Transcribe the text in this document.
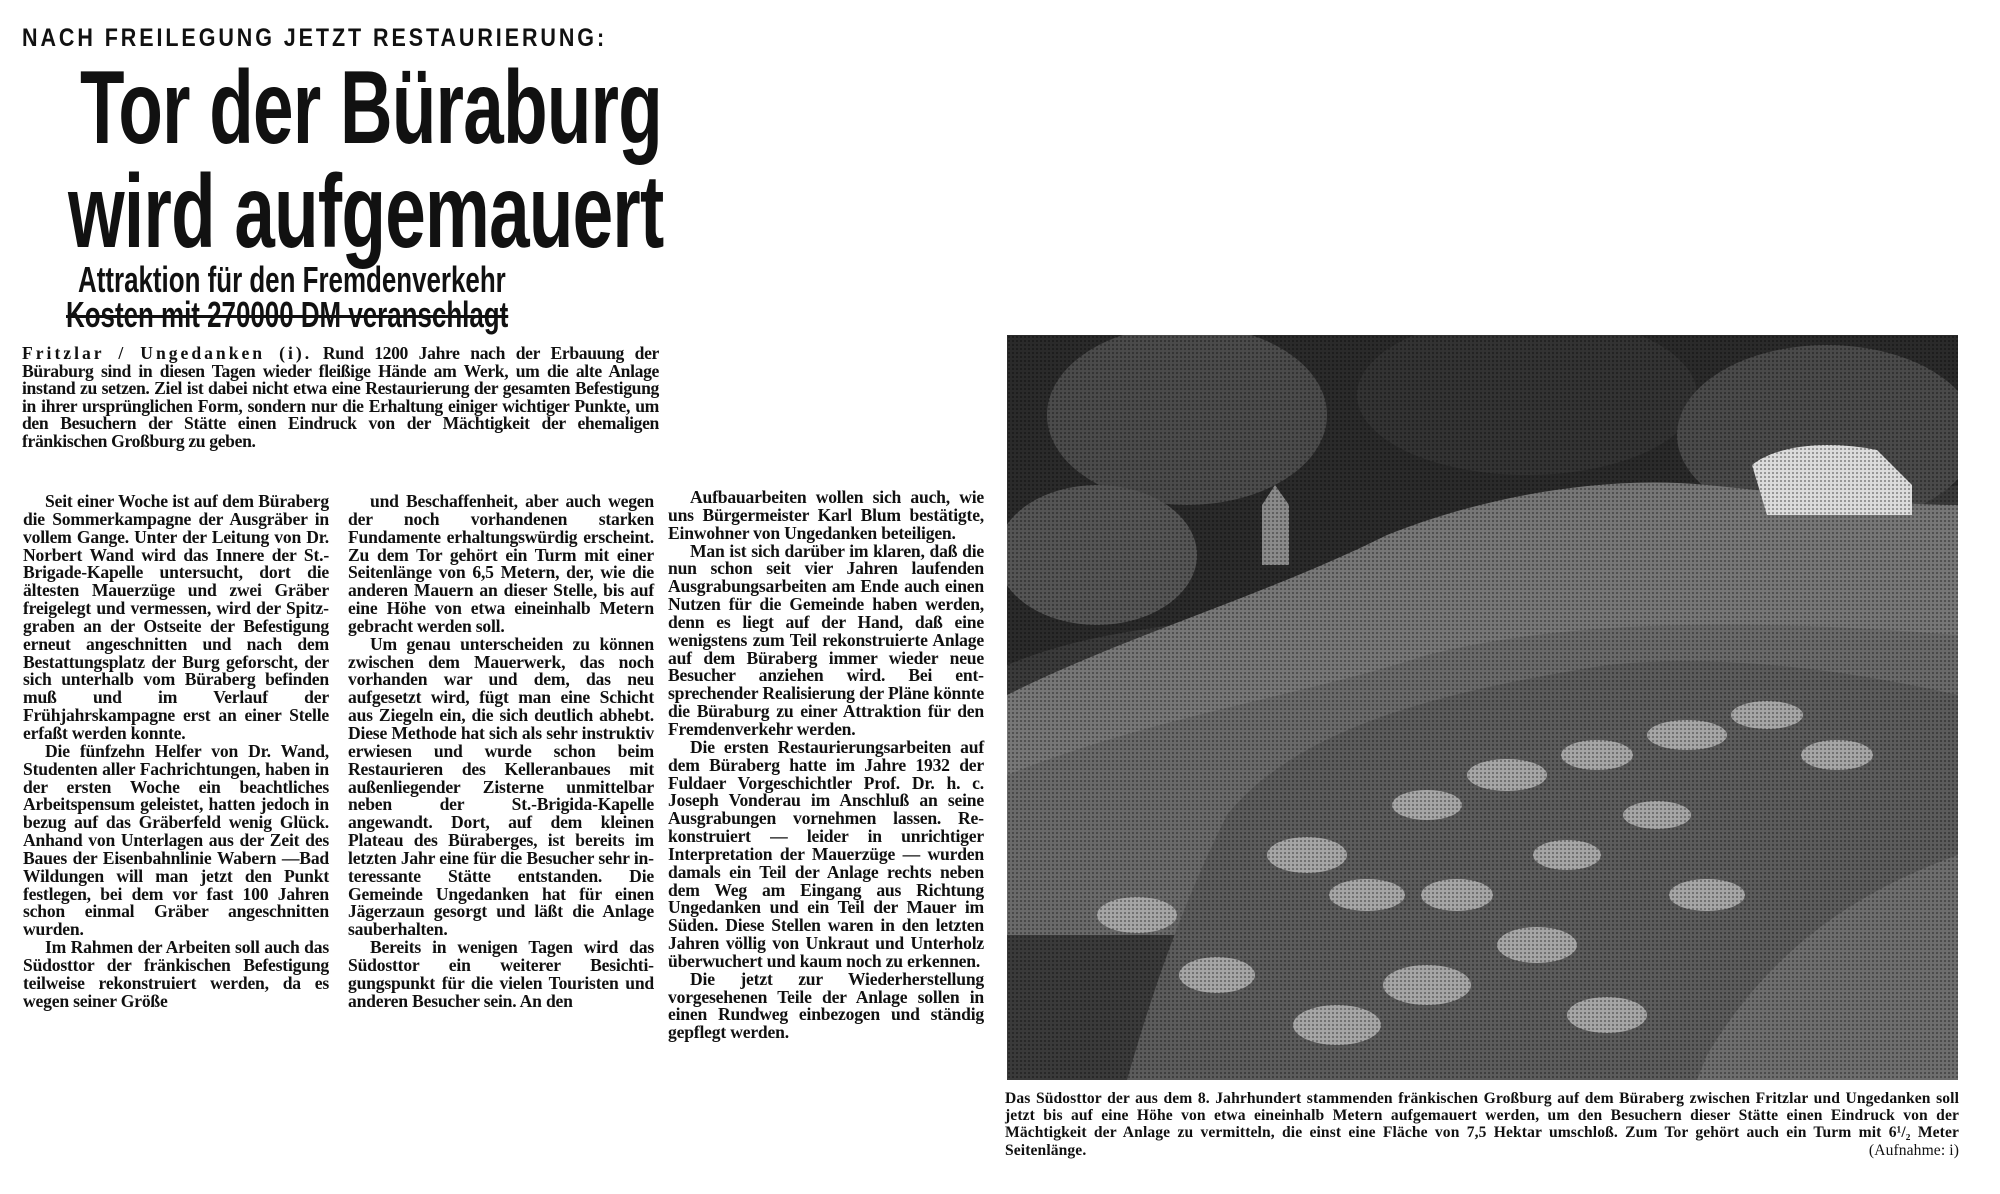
NACH FREILEGUNG JETZT RESTAURIERUNG:
Tor der Büraburg
wird aufgemauert
Attraktion für den Fremdenverkehr
Kosten mit 270000 DM veranschlagt
Fritzlar / Ungedanken (i). Rund 1200 Jahre nach der Erbauung der Büraburg sind in diesen Tagen wieder fleißige Hände am Werk, um die alte Anlage instand zu setzen. Ziel ist dabei nicht etwa eine Restaurierung der gesamten Befestigung in ihrer ursprünglichen Form, sondern nur die Erhaltung einiger wichtiger Punkte, um den Besuchern der Stätte einen Eindruck von der Mächtigkeit der ehemaligen fränkischen Großburg zu geben.

Seit einer Woche ist auf dem Büraberg die Sommerkampagne der Ausgräber in vollem Gange. Unter der Leitung von Dr. Norbert Wand wird das Innere der St.-Brigade-Kapelle untersucht, dort die ältesten Mauerzüge und zwei Gräber freigelegt und vermessen, wird der Spitzgraben an der Ostseite der Befestigung erneut angeschnitten und nach dem Bestattungsplatz der Burg geforscht, der sich unterhalb vom Büraberg befinden muß und im Verlauf der Frühjahrskampagne erst an einer Stelle erfaßt werden konnte.

Die fünfzehn Helfer von Dr. Wand, Studenten aller Fachrichtungen, haben in der ersten Woche ein beachtliches Arbeitspensum geleistet, hatten jedoch in bezug auf das Gräberfeld wenig Glück. Anhand von Unterlagen aus der Zeit des Baues der Eisenbahnlinie Wabern —Bad Wildungen will man jetzt den Punkt festlegen, bei dem vor fast 100 Jahren schon einmal Gräber angeschnitten wurden.

Im Rahmen der Arbeiten soll auch das Südosttor der fränkischen Befestigung teilweise rekonstruiert werden, da es wegen seiner Größe

und Beschaffenheit, aber auch wegen der noch vorhandenen starken Fundamente erhaltungswürdig erscheint. Zu dem Tor gehört ein Turm mit einer Seitenlänge von 6,5 Metern, der, wie die anderen Mauern an dieser Stelle, bis auf eine Höhe von etwa eineinhalb Metern gebracht werden soll.

Um genau unterscheiden zu können zwischen dem Mauerwerk, das noch vorhanden war und dem, das neu aufgesetzt wird, fügt man eine Schicht aus Ziegeln ein, die sich deutlich abhebt. Diese Methode hat sich als sehr instruktiv erwiesen und wurde schon beim Restaurieren des Kelleranbaues mit außenliegender Zisterne unmittelbar neben der St.-Brigida-Kapelle angewandt. Dort, auf dem kleinen Plateau des Büraberges, ist bereits im letzten Jahr eine für die Besucher sehr interessante Stätte entstanden. Die Gemeinde Ungedanken hat für einen Jägerzaun gesorgt und läßt die Anlage sauberhalten.

Bereits in wenigen Tagen wird das Südosttor ein weiterer Besichtigungspunkt für die vielen Touristen und anderen Besucher sein. An den

Aufbauarbeiten wollen sich auch, wie uns Bürgermeister Karl Blum bestätigte, Einwohner von Ungedanken beteiligen.

Man ist sich darüber im klaren, daß die nun schon seit vier Jahren laufenden Ausgrabungsarbeiten am Ende auch einen Nutzen für die Gemeinde haben werden, denn es liegt auf der Hand, daß eine wenigstens zum Teil rekonstruierte Anlage auf dem Büraberg immer wieder neue Besucher anziehen wird. Bei entsprechender Realisierung der Pläne könnte die Büraburg zu einer Attraktion für den Fremdenverkehr werden.

Die ersten Restaurierungsarbeiten auf dem Büraberg hatte im Jahre 1932 der Fuldaer Vorgeschichtler Prof. Dr. h. c. Joseph Vonderau im Anschluß an seine Ausgrabungen vornehmen lassen. Rekonstruiert — leider in unrichtiger Interpretation der Mauerzüge — wurden damals ein Teil der Anlage rechts neben dem Weg am Eingang aus Richtung Ungedanken und ein Teil der Mauer im Süden. Diese Stellen waren in den letzten Jahren völlig von Unkraut und Unterholz überwuchert und kaum noch zu erkennen.

Die jetzt zur Wiederherstellung vorgesehenen Teile der Anlage sollen in einen Rundweg einbezogen und ständig gepflegt werden.

Das Südosttor der aus dem 8. Jahrhundert stammenden fränkischen Großburg auf dem Büraberg zwischen Fritzlar und Ungedanken soll jetzt bis auf eine Höhe von etwa eineinhalb Metern aufgemauert werden, um den Besuchern dieser Stätte einen Eindruck von der Mächtigkeit der Anlage zu vermitteln, die einst eine Fläche von 7,5 Hektar umschloß. Zum Tor gehört auch ein Turm mit 6¹/₂ Meter Seitenlänge.	(Aufnahme: i)
